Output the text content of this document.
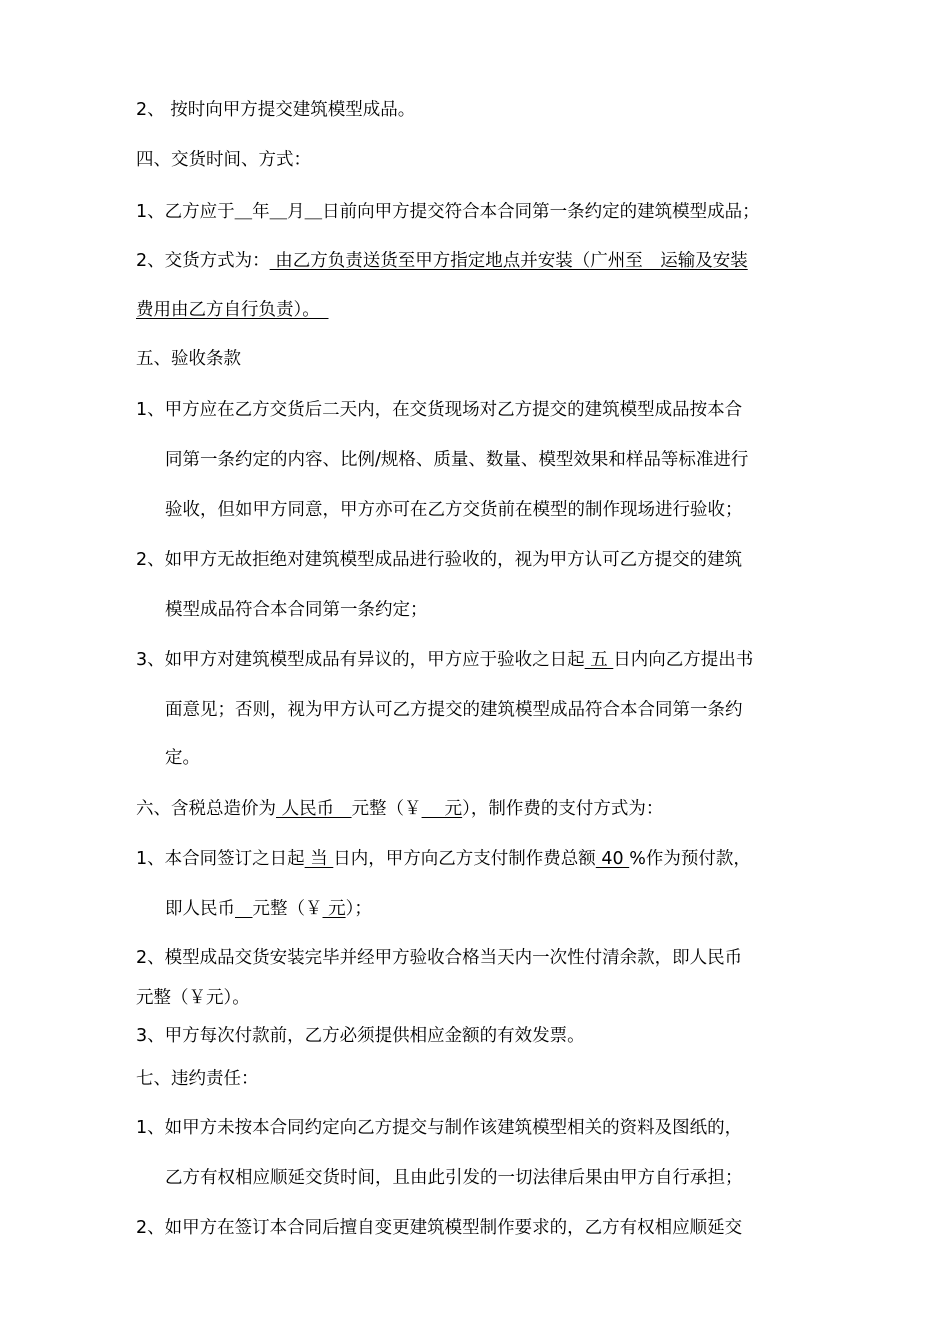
2、 按时向甲方提交建筑模型成品。
四、交货时间、方式：
1、乙方应于＿年＿月＿日前向甲方提交符合本合同第一条约定的建筑模型成品；
2、交货方式为： 由乙方负责送货至甲方指定地点并安装（广州至　运输及安装
费用由乙方自行负责）。　
五、验收条款
1、甲方应在乙方交货后二天内，在交货现场对乙方提交的建筑模型成品按本合
同第一条约定的内容、比例/规格、质量、数量、模型效果和样品等标准进行
验收，但如甲方同意，甲方亦可在乙方交货前在模型的制作现场进行验收；
2、如甲方无故拒绝对建筑模型成品进行验收的，视为甲方认可乙方提交的建筑
模型成品符合本合同第一条约定；
3、如甲方对建筑模型成品有异议的，甲方应于验收之日起 五 日内向乙方提出书
面意见；否则，视为甲方认可乙方提交的建筑模型成品符合本合同第一条约
定。
六、含税总造价为 人民币　元整（￥　 元），制作费的支付方式为：
1、本合同签订之日起 当 日内，甲方向乙方支付制作费总额 40 %作为预付款，
即人民币　 元整（￥ 元）；
2、模型成品交货安装完毕并经甲方验收合格当天内一次性付清余款，即人民币
元整（￥元）。
3、甲方每次付款前，乙方必须提供相应金额的有效发票。
七、违约责任：
1、如甲方未按本合同约定向乙方提交与制作该建筑模型相关的资料及图纸的，
乙方有权相应顺延交货时间，且由此引发的一切法律后果由甲方自行承担；
2、如甲方在签订本合同后擅自变更建筑模型制作要求的，乙方有权相应顺延交
